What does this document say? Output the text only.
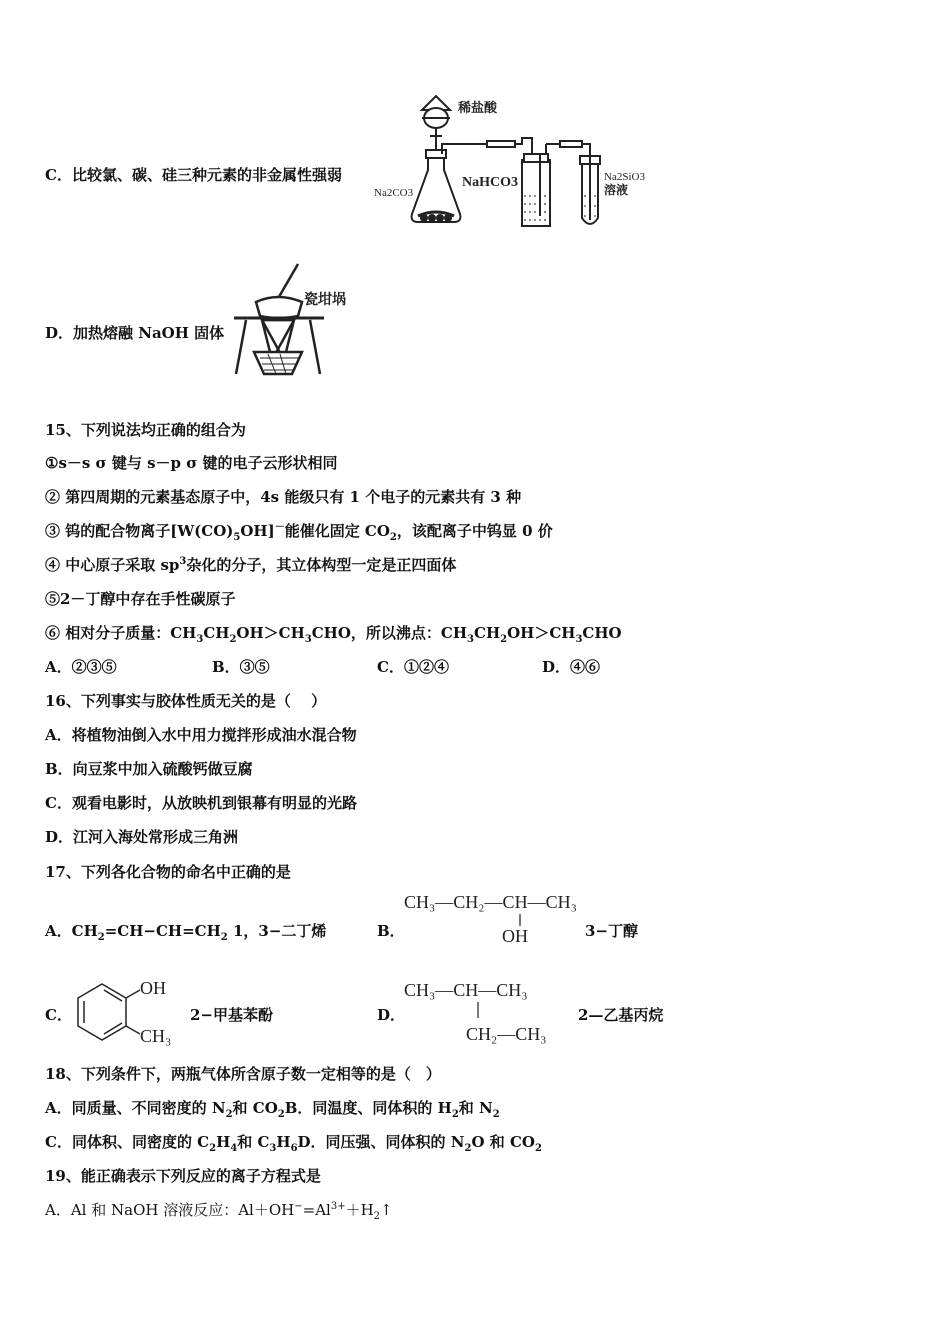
C．比较氯、碳、硅三种元素的非金属性强弱
稀盐酸
Na2CO3
NaHCO3	Na2SiO3
溶液
D．加热熔融 NaOH 固体
瓷坩埚
15、下列说法均正确的组合为
①s－s σ 键与 s－p σ 键的电子云形状相同
② 第四周期的元素基态原子中，4s 能级只有 1 个电子的元素共有 3 种
③ 钨的配合物离子$[W(CO)_5OH]^-$能催化固定 $CO_2$，该配离子中钨显 0 价
④ 中心原子采取 $sp^3$杂化的分子，其立体构型一定是正四面体
⑤2－丁醇中存在手性碳原子
⑥ 相对分子质量：$CH_3CH_2OH>CH_3CHO$，所以沸点：$CH_3CH_2OH>CH_3CHO$
A．②③⑤	B．③⑤	C．①②④	D．④⑥
16、下列事实与胶体性质无关的是（　 ）
A．将植物油倒入水中用力搅拌形成油水混合物
B．向豆浆中加入硫酸钙做豆腐
C．观看电影时，从放映机到银幕有明显的光路
D．江河入海处常形成三角洲
17、下列各化合物的命名中正确的是
A．$CH_2=CH-CH=CH_2$ 1，3−二丁烯	B．
CH₃—CH₂—CH—CH₃
OH	3−丁醇
C．
OH
CH₃
2−甲基苯酚	D．
CH₃—CH—CH₃
CH₂—CH₃
2—乙基丙烷
18、下列条件下，两瓶气体所含原子数一定相等的是（　）
A．同质量、不同密度的 $N_2$和 $CO_2B$．同温度、同体积的 $H_2$和 $N_2$
C．同体积、同密度的 $C_2H_4$和 $C_3H_6D$．同压强、同体积的 $N_2O$ 和 $CO_2$
19、能正确表示下列反应的离子方程式是
A．Al 和 NaOH 溶液反应：$Al+OH^-=Al^{3+}+H_2↑$
